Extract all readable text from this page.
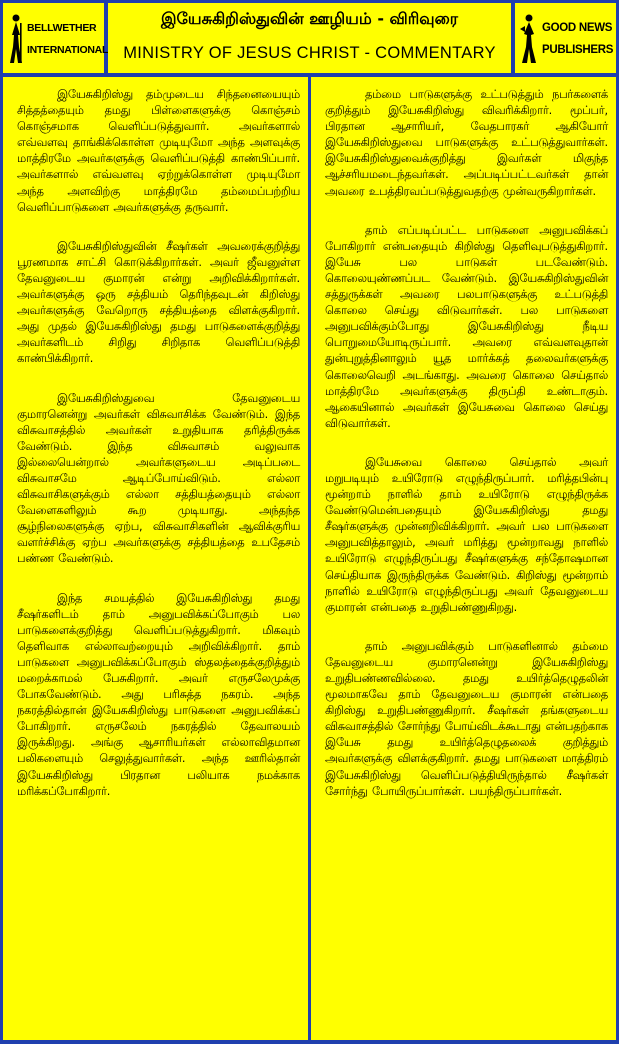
BELLWETHER
INTERNATIONAL
இயேசுகிறிஸ்துவின் ஊழியம் - விரிவுரை
MINISTRY OF JESUS CHRIST - COMMENTARY
GOOD NEWS
PUBLISHERS

இயேசுகிறிஸ்து தம்முடைய சிந்தனையையும் சித்தத்தையும் தமது பிள்ளைகளுக்கு கொஞ்சம் கொஞ்சமாக வெளிப்படுத்துவார். அவர்களால் எவ்வளவு தாங்கிக்கொள்ள முடியுமோ அந்த அளவுக்கு மாத்திரமே அவர்களுக்கு வெளிப்படுத்தி காண்பிப்பார். அவர்களால் எவ்வளவு ஏற்றுக்கொள்ள முடியுமோ அந்த அளவிற்கு மாத்திரமே தம்மைப்பற்றிய வெளிப்பாடுகளை அவர்களுக்கு தருவார்.

இயேசுகிறிஸ்துவின் சீஷர்கள் அவரைக்குறித்து பூரணமாக சாட்சி கொடுக்கிறார்கள். அவர் ஜீவனுள்ள தேவனுடைய குமாரன் என்று அறிவிக்கிறார்கள். அவர்களுக்கு ஒரு சத்தியம் தெரிந்தவுடன் கிறிஸ்து அவர்களுக்கு வேறொரு சத்தியத்தை விளக்குகிறார். அது முதல் இயேசுகிறிஸ்து தமது பாடுகளைக்குறித்து அவர்களிடம் சிறிது சிறிதாக வெளிப்படுத்தி காண்பிக்கிறார்.

இயேசுகிறிஸ்துவை தேவனுடைய குமாரனென்று அவர்கள் விசுவாசிக்க வேண்டும். இந்த விசுவாசத்தில் அவர்கள் உறுதியாக தரித்திருக்க வேண்டும். இந்த விசுவாசம் வலுவாக இல்லையென்றால் அவர்களுடைய அடிப்படை விசுவாசமே ஆடிப்போய்விடும். எல்லா விசுவாசிகளுக்கும் எல்லா சத்தியத்தையும் எல்லா வேளைகளிலும் கூற முடியாது. அந்தந்த சூழ்நிலைகளுக்கு ஏற்ப, விசுவாசிகளின் ஆவிக்குரிய வளர்ச்சிக்கு ஏற்ப அவர்களுக்கு சத்தியத்தை உபதேசம் பண்ண வேண்டும்.

இந்த சமயத்தில் இயேசுகிறிஸ்து தமது சீஷர்களிடம் தாம் அனுபவிக்கப்போகும் பல பாடுகளைக்குறித்து வெளிப்படுத்துகிறார். மிகவும் தெளிவாக எல்லாவற்றையும் அறிவிக்கிறார். தாம் பாடுகளை அனுபவிக்கப்போகும் ஸ்தலத்தைக்குறித்தும் மறைக்காமல் பேசுகிறார். அவர் எருசலேமுக்கு போகவேண்டும். அது பரிசுத்த நகரம். அந்த நகரத்தில்தான் இயேசுகிறிஸ்து பாடுகளை அனுபவிக்கப் போகிறார். எருசலேம் நகரத்தில் தேவாலயம் இருக்கிறது. அங்கு ஆசாரியர்கள் எல்லாவிதமான பலிகளையும் செலுத்துவார்கள். அந்த ஊரில்தான் இயேசுகிறிஸ்து பிரதான பலியாக நமக்காக மரிக்கப்போகிறார்.

தம்மை பாடுகளுக்கு உட்படுத்தும் நபர்களைக் குறித்தும் இயேசுகிறிஸ்து விவரிக்கிறார். மூப்பர், பிரதான ஆசாரியர், வேதபாரகர் ஆகியோர் இயேசுகிறிஸ்துவை பாடுகளுக்கு உட்படுத்துவார்கள். இயேசுகிறிஸ்துவைக்குறித்து இவர்கள் மிகுந்த ஆச்சரியமடைந்தவர்கள். அப்படிப்பட்டவர்கள் தான் அவரை உபத்திரவப்படுத்துவதற்கு முன்வருகிறார்கள்.

தாம் எப்படிப்பட்ட பாடுகளை அனுபவிக்கப் போகிறார் என்பதையும் கிறிஸ்து தெளிவுபடுத்துகிறார். இயேசு பல பாடுகள் படவேண்டும். கொலையுண்ணப்பட வேண்டும். இயேசுகிறிஸ்துவின் சத்துருக்கள் அவரை பலபாடுகளுக்கு உட்படுத்தி கொலை செய்து விடுவார்கள். பல பாடுகளை அனுபவிக்கும்போது இயேசுகிறிஸ்து நீடிய பொறுமையோடிருப்பார். அவரை எவ்வளவுதான் துன்புறுத்தினாலும் யூத மார்க்கத் தலைவர்களுக்கு கொலைவெறி அடங்காது. அவரை கொலை செய்தால் மாத்திரமே அவர்களுக்கு திருப்தி உண்டாகும். ஆகையினால் அவர்கள் இயேசுவை கொலை செய்து விடுவார்கள்.

இயேசுவை கொலை செய்தால் அவர் மறுபடியும் உயிரோடு எழுந்திருப்பார். மரித்தபின்பு மூன்றாம் நாளில் தாம் உயிரோடு எழுந்திருக்க வேண்டுமென்பதையும் இயேசுகிறிஸ்து தமது சீஷர்களுக்கு முன்னறிவிக்கிறார். அவர் பல பாடுகளை அனுபவித்தாலும், அவர் மரித்து மூன்றாவது நாளில் உயிரோடு எழுந்திருப்பது சீஷர்களுக்கு சந்தோஷமான செய்தியாக இருந்திருக்க வேண்டும். கிறிஸ்து மூன்றாம் நாளில் உயிரோடு எழுந்திருப்பது அவர் தேவனுடைய குமாரன் என்பதை உறுதிபண்ணுகிறது.

தாம் அனுபவிக்கும் பாடுகளினால் தம்மை தேவனுடைய குமாரனென்று இயேசுகிறிஸ்து உறுதிபண்ணவில்லை. தமது உயிர்த்தெழுதலின் மூலமாகவே தாம் தேவனுடைய குமாரன் என்பதை கிறிஸ்து உறுதிபண்ணுகிறார். சீஷர்கள் தங்களுடைய விசுவாசத்தில் சோர்ந்து போய்விடக்கூடாது என்பதற்காக இயேசு தமது உயிர்த்தெழுதலைக் குறித்தும் அவர்களுக்கு விளக்குகிறார். தமது பாடுகளை மாத்திரம் இயேசுகிறிஸ்து வெளிப்படுத்தியிருந்தால் சீஷர்கள் சோர்ந்து போயிருப்பார்கள். பயந்திருப்பார்கள்.
